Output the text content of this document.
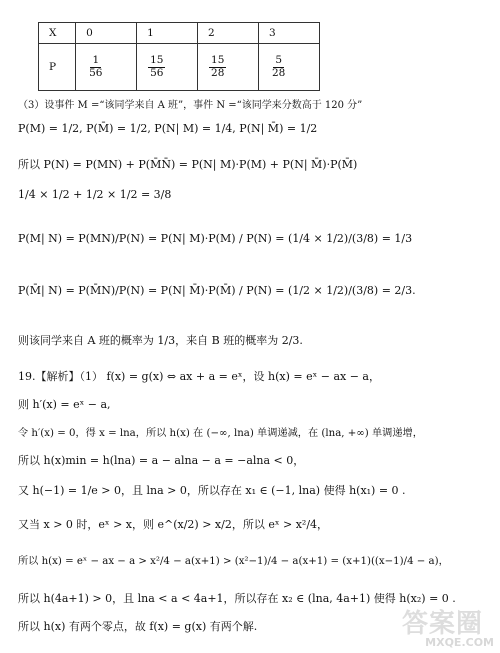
X	0	1	2	3
P	$\frac{1}{56}$	$\frac{15}{56}$	$\frac{15}{28}$	$\frac{5}{28}$
（3）设事件 M =“该同学来自 A 班”，事件 N =“该同学来分数高于 120 分”
P(M) = 1/2, P(M̄) = 1/2, P(N| M) = 1/4, P(N| M̄) = 1/2
所以 P(N) = P(MN) + P(M̄N̄) = P(N| M)·P(M) + P(N| M̄)·P(M̄)
1/4 × 1/2 + 1/2 × 1/2 = 3/8
P(M| N) = P(MN)/P(N) = P(N| M)·P(M) / P(N) = (1/4 × 1/2)/(3/8) = 1/3
P(M̄| N) = P(M̄N)/P(N) = P(N| M̄)·P(M̄) / P(N) = (1/2 × 1/2)/(3/8) = 2/3.
则该同学来自 A 班的概率为 1/3，来自 B 班的概率为 2/3.
19.【解析】（1） f(x) = g(x) ⇔ ax + a = eˣ，设 h(x) = eˣ − ax − a，
则 h′(x) = eˣ − a,
令 h′(x) = 0，得 x = lna，所以 h(x) 在 (−∞, lna) 单调递减，在 (lna, +∞) 单调递增，
所以 h(x)min = h(lna) = a − alna − a = −alna < 0，
又 h(−1) = 1/e > 0，且 lna > 0，所以存在 x₁ ∈ (−1, lna) 使得 h(x₁) = 0 .
又当 x > 0 时，eˣ > x，则 e^(x/2) > x/2，所以 eˣ > x²/4，
所以 h(x) = eˣ − ax − a > x²/4 − a(x+1) > (x²−1)/4 − a(x+1) = (x+1)((x−1)/4 − a)，
所以 h(4a+1) > 0，且 lna < a < 4a+1，所以存在 x₂ ∈ (lna, 4a+1) 使得 h(x₂) = 0 .
所以 h(x) 有两个零点，故 f(x) = g(x) 有两个解.	答案圈
MXQE.COM
